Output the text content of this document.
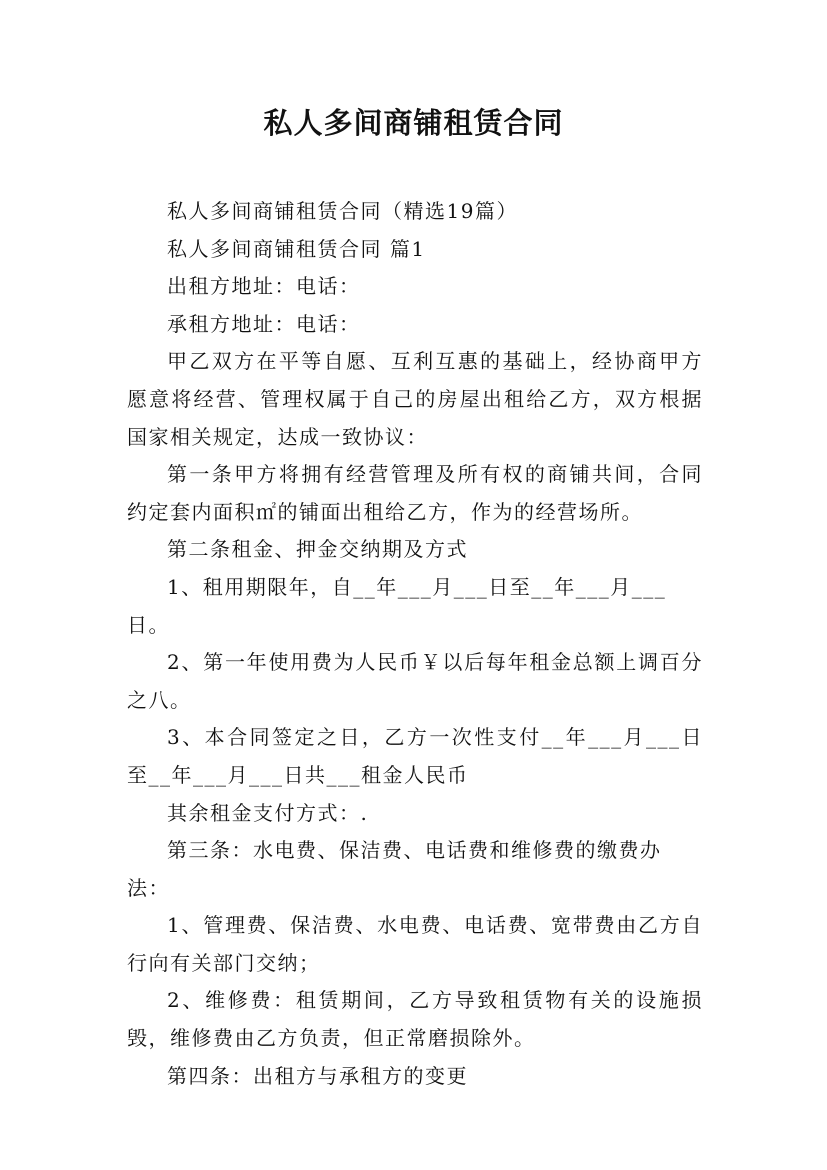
私人多间商铺租赁合同

私人多间商铺租赁合同（精选19篇）

私人多间商铺租赁合同 篇1

出租方地址：电话：

承租方地址：电话：

甲乙双方在平等自愿、互利互惠的基础上，经协商甲方愿意将经营、管理权属于自己的房屋出租给乙方，双方根据国家相关规定，达成一致协议：

第一条甲方将拥有经营管理及所有权的商铺共间，合同约定套内面积㎡的铺面出租给乙方，作为的经营场所。

第二条租金、押金交纳期及方式

1、租用期限年，自__年___月___日至__年___月___日。

2、第一年使用费为人民币￥以后每年租金总额上调百分之八。

3、本合同签定之日，乙方一次性支付__年___月___日至__年___月___日共___租金人民币

其余租金支付方式：.

第三条：水电费、保洁费、电话费和维修费的缴费办法：

1、管理费、保洁费、水电费、电话费、宽带费由乙方自行向有关部门交纳；

2、维修费：租赁期间，乙方导致租赁物有关的设施损毁，维修费由乙方负责，但正常磨损除外。

第四条：出租方与承租方的变更
